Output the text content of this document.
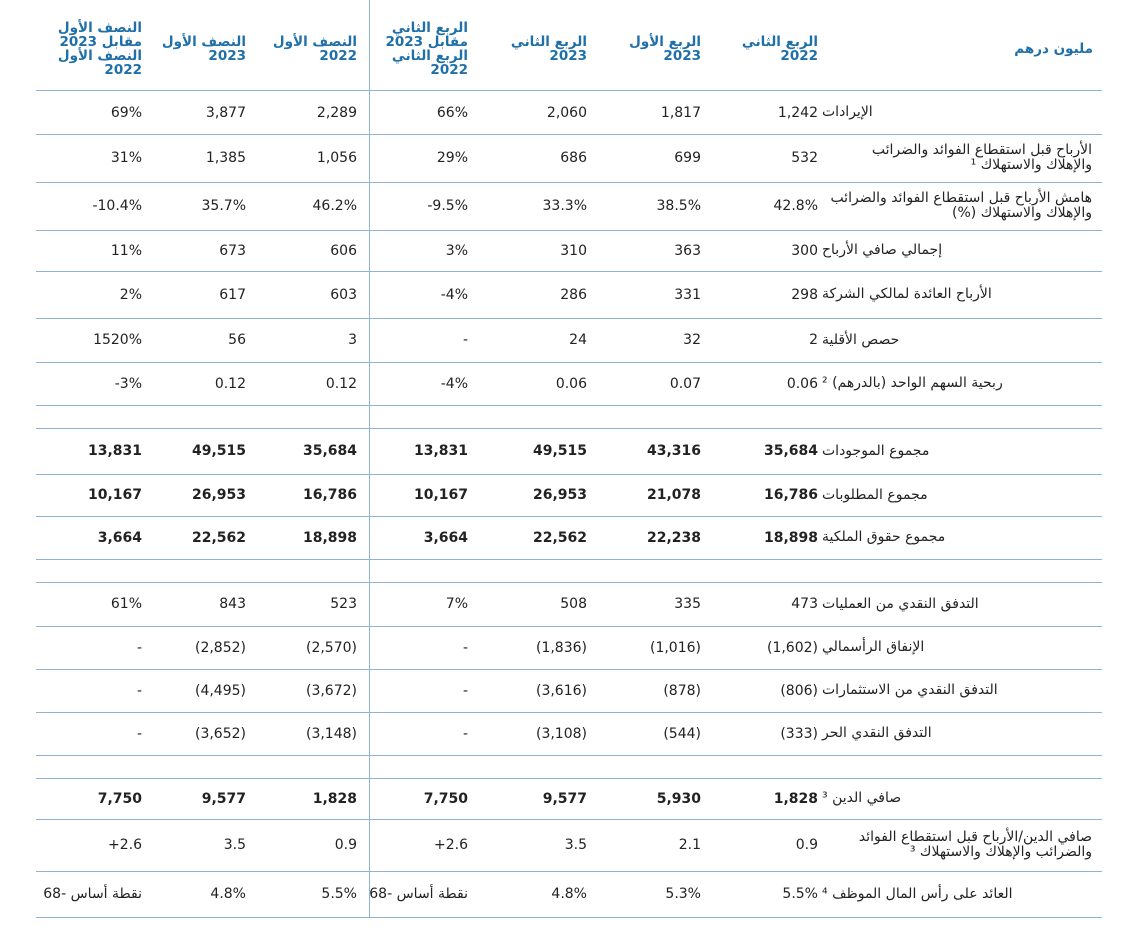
مليون درهم
الربع الثاني
2022
الربع الأول
2023
الربع الثاني
2023
الربع الثاني
2023 مقابل
الربع الثاني
2022
النصف الأول
2022
النصف الأول
2023
النصف الأول
2023 مقابل
النصف الأول
2022
الإيرادات
1,242
1,817
2,060
66%
2,289
3,877
69%
الأرباح قبل استقطاع الفوائد والضرائب والإهلاك والاستهلاك ¹
532
699
686
29%
1,056
1,385
31%
هامش الأرباح قبل استقطاع الفوائد والضرائب والإهلاك والاستهلاك (%)
42.8%
38.5%
33.3%
-9.5%
46.2%
35.7%
-10.4%
إجمالي صافي الأرباح
300
363
310
3%
606
673
11%
الأرباح العائدة لمالكي الشركة
298
331
286
-4%
603
617
2%
حصص الأقلية
2
32
24
-
3
56
1520%
ربحية السهم الواحد (بالدرهم) ²
0.06
0.07
0.06
-4%
0.12
0.12
-3%
مجموع الموجودات
35,684
43,316
49,515
13,831
35,684
49,515
13,831
مجموع المطلوبات
16,786
21,078
26,953
10,167
16,786
26,953
10,167
مجموع حقوق الملكية
18,898
22,238
22,562
3,664
18,898
22,562
3,664
التدفق النقدي من العمليات
473
335
508
7%
523
843
61%
الإنفاق الرأسمالي
(1,602)
(1,016)
(1,836)
-
(2,570)
(2,852)
-
التدفق النقدي من الاستثمارات
(806)
(878)
(3,616)
-
(3,672)
(4,495)
-
التدفق النقدي الحر
(333)
(544)
(3,108)
-
(3,148)
(3,652)
-
صافي الدين ³
1,828
5,930
9,577
7,750
1,828
9,577
7,750
صافي الدين/الأرباح قبل استقطاع الفوائد والضرائب والإهلاك والاستهلاك ³
0.9
2.1
3.5
+2.6
0.9
3.5
+2.6
العائد على رأس المال الموظف ⁴
5.5%
5.3%
4.8%
68- نقطة أساس
5.5%
4.8%
68- نقطة أساس
